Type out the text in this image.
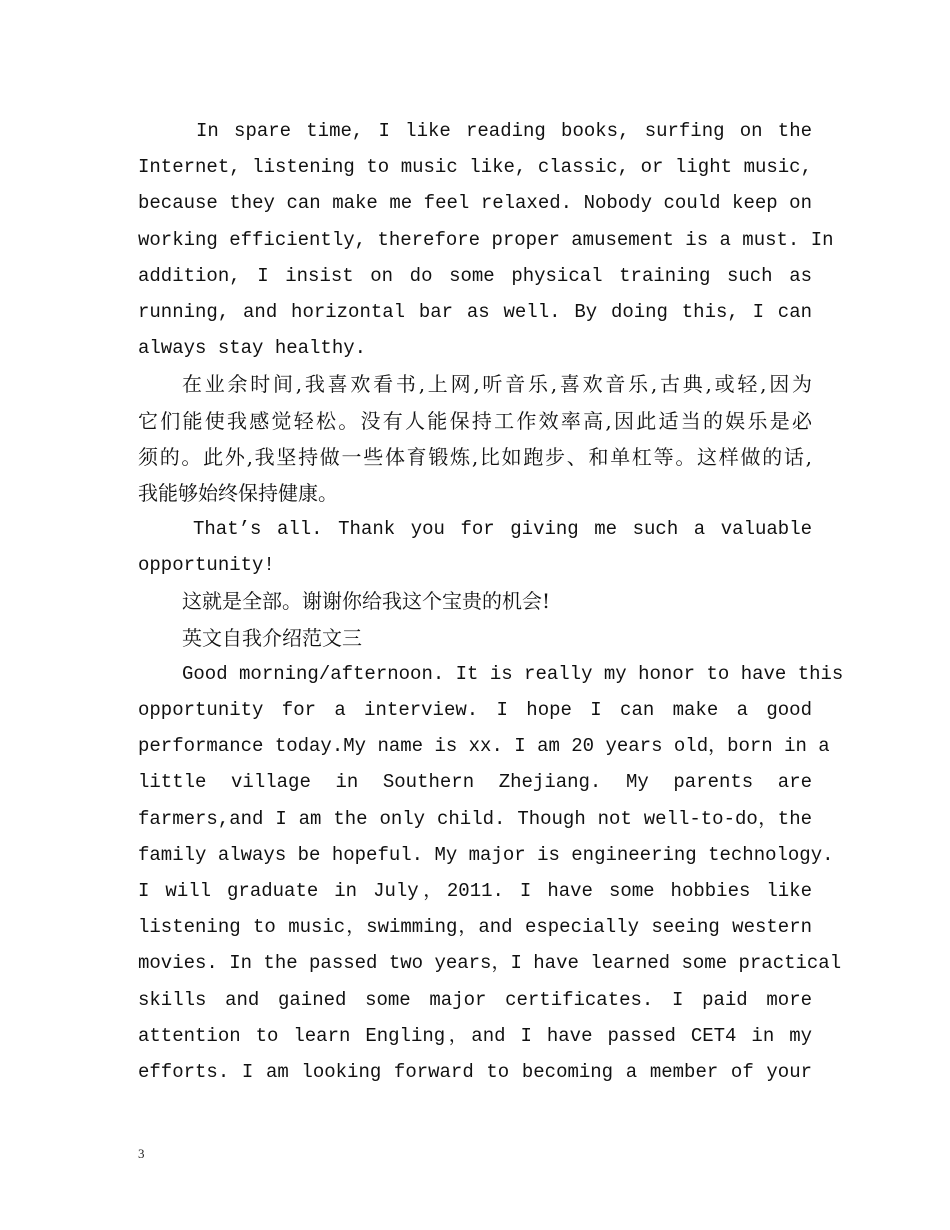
In spare time, I like reading books, surfing on the
Internet, listening to music like, classic, or light music,
because they can make me feel relaxed. Nobody could keep on
working efficiently, therefore proper amusement is a must. In
addition, I insist on do some physical training such as
running, and horizontal bar as well. By doing this, I can
always stay healthy.
在业余时间,我喜欢看书,上网,听音乐,喜欢音乐,古典,或轻,因为
它们能使我感觉轻松。没有人能保持工作效率高,因此适当的娱乐是必
须的。此外,我坚持做一些体育锻炼,比如跑步、和单杠等。这样做的话,
我能够始终保持健康。
That’s all. Thank you for giving me such a valuable
opportunity!
这就是全部。谢谢你给我这个宝贵的机会!
英文自我介绍范文三
Good morning/afternoon. It is really my honor to have this
opportunity for a interview. I hope I can make a good
performance today.My name is xx. I am 20 years old，born in a
little village in Southern Zhejiang. My parents are
farmers,and I am the only child. Though not well-to-do，the
family always be hopeful. My major is engineering technology.
I will graduate in July，2011. I have some hobbies like
listening to music，swimming，and especially seeing western
movies. In the passed two years，I have learned some practical
skills and gained some major certificates. I paid more
attention to learn Engling，and I have passed CET4 in my
efforts. I am looking forward to becoming a member of your
3
